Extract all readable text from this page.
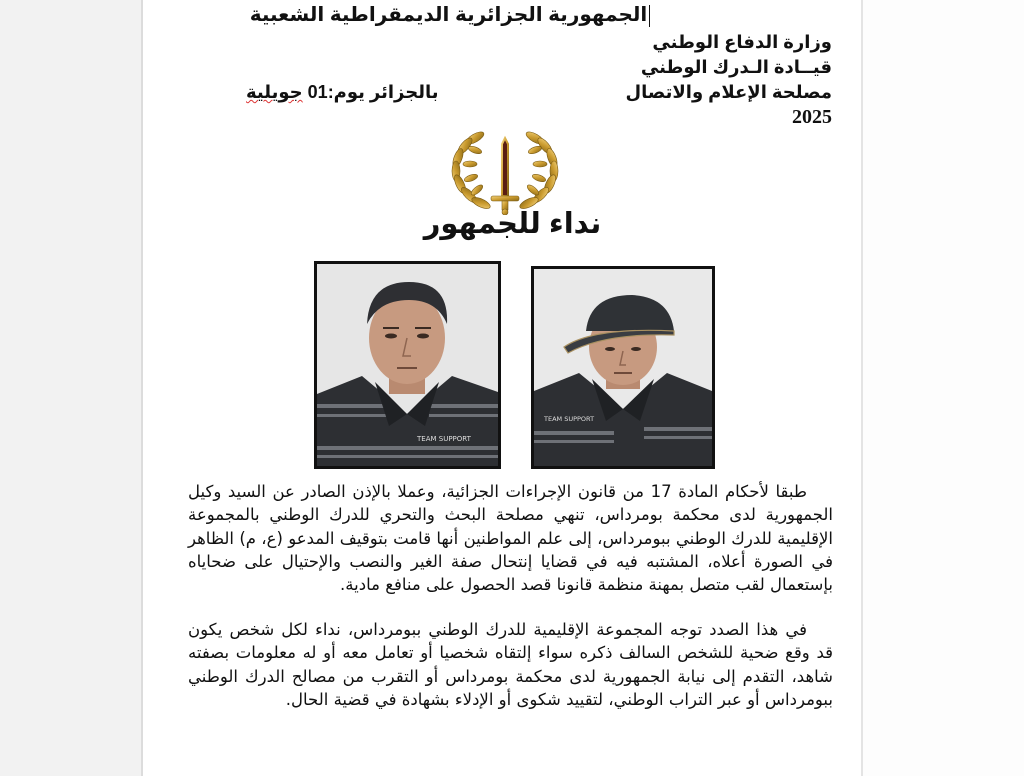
الجمهورية الجزائرية الديمقراطية الشعبية
وزارة الدفاع الوطني
قيــادة الـدرك الوطني
مصلحة الإعلام والاتصال
2025
بالجزائر يوم:01 جويلية
نداء للجمهور
TEAM SUPPORT
TEAM SUPPORT
طبقا لأحكام المادة 17 من قانون الإجراءات الجزائية، وعملا بالإذن الصادر عن السيد وكيل
الجمهورية لدى محكمة بومرداس، تنهي مصلحة البحث والتحري للدرك الوطني بالمجموعة
الإقليمية للدرك الوطني ببومرداس، إلى علم المواطنين أنها قامت بتوقيف المدعو (ع، م) الظاهر
في الصورة أعلاه، المشتبه فيه في قضايا إنتحال صفة الغير والنصب والإحتيال على ضحاياه
بإستعمال لقب متصل بمهنة منظمة قانونا قصد الحصول على منافع مادية.
في هذا الصدد توجه المجموعة الإقليمية للدرك الوطني ببومرداس، نداء لكل شخص يكون
قد وقع ضحية للشخص السالف ذكره سواء إلتقاه شخصيا أو تعامل معه أو له معلومات بصفته
شاهد، التقدم إلى نيابة الجمهورية لدى محكمة بومرداس أو التقرب من مصالح الدرك الوطني
ببومرداس أو عبر التراب الوطني، لتقييد شكوى أو الإدلاء بشهادة في قضية الحال.
